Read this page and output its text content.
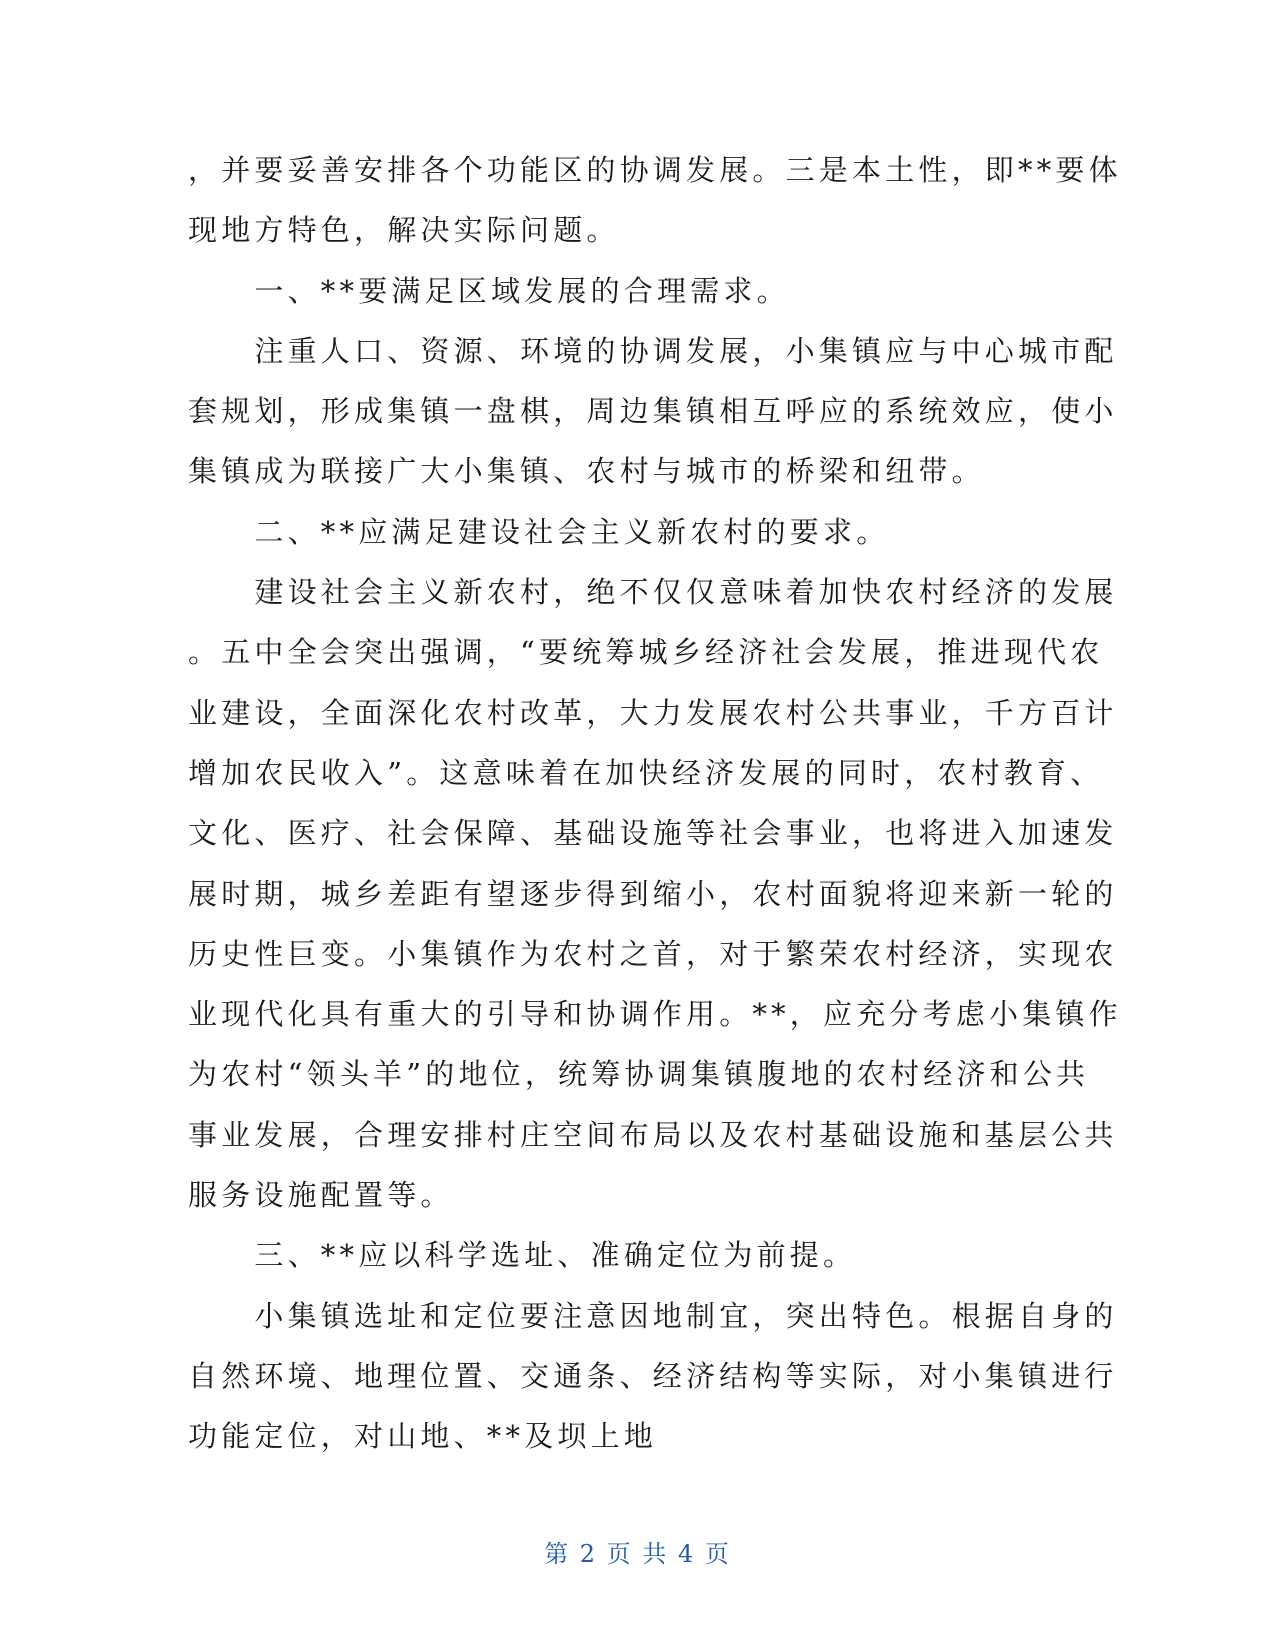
，并要妥善安排各个功能区的协调发展。三是本土性，即**要体
现地方特色，解决实际问题。
　　一、**要满足区域发展的合理需求。
　　注重人口、资源、环境的协调发展，小集镇应与中心城市配
套规划，形成集镇一盘棋，周边集镇相互呼应的系统效应，使小
集镇成为联接广大小集镇、农村与城市的桥梁和纽带。
　　二、**应满足建设社会主义新农村的要求。
　　建设社会主义新农村，绝不仅仅意味着加快农村经济的发展
。五中全会突出强调，“要统筹城乡经济社会发展，推进现代农
业建设，全面深化农村改革，大力发展农村公共事业，千方百计
增加农民收入”。这意味着在加快经济发展的同时，农村教育、
文化、医疗、社会保障、基础设施等社会事业，也将进入加速发
展时期，城乡差距有望逐步得到缩小，农村面貌将迎来新一轮的
历史性巨变。小集镇作为农村之首，对于繁荣农村经济，实现农
业现代化具有重大的引导和协调作用。**，应充分考虑小集镇作
为农村“领头羊”的地位，统筹协调集镇腹地的农村经济和公共
事业发展，合理安排村庄空间布局以及农村基础设施和基层公共
服务设施配置等。
　　三、**应以科学选址、准确定位为前提。
　　小集镇选址和定位要注意因地制宜，突出特色。根据自身的
自然环境、地理位置、交通条、经济结构等实际，对小集镇进行
功能定位，对山地、**及坝上地
第 2 页 共 4 页
